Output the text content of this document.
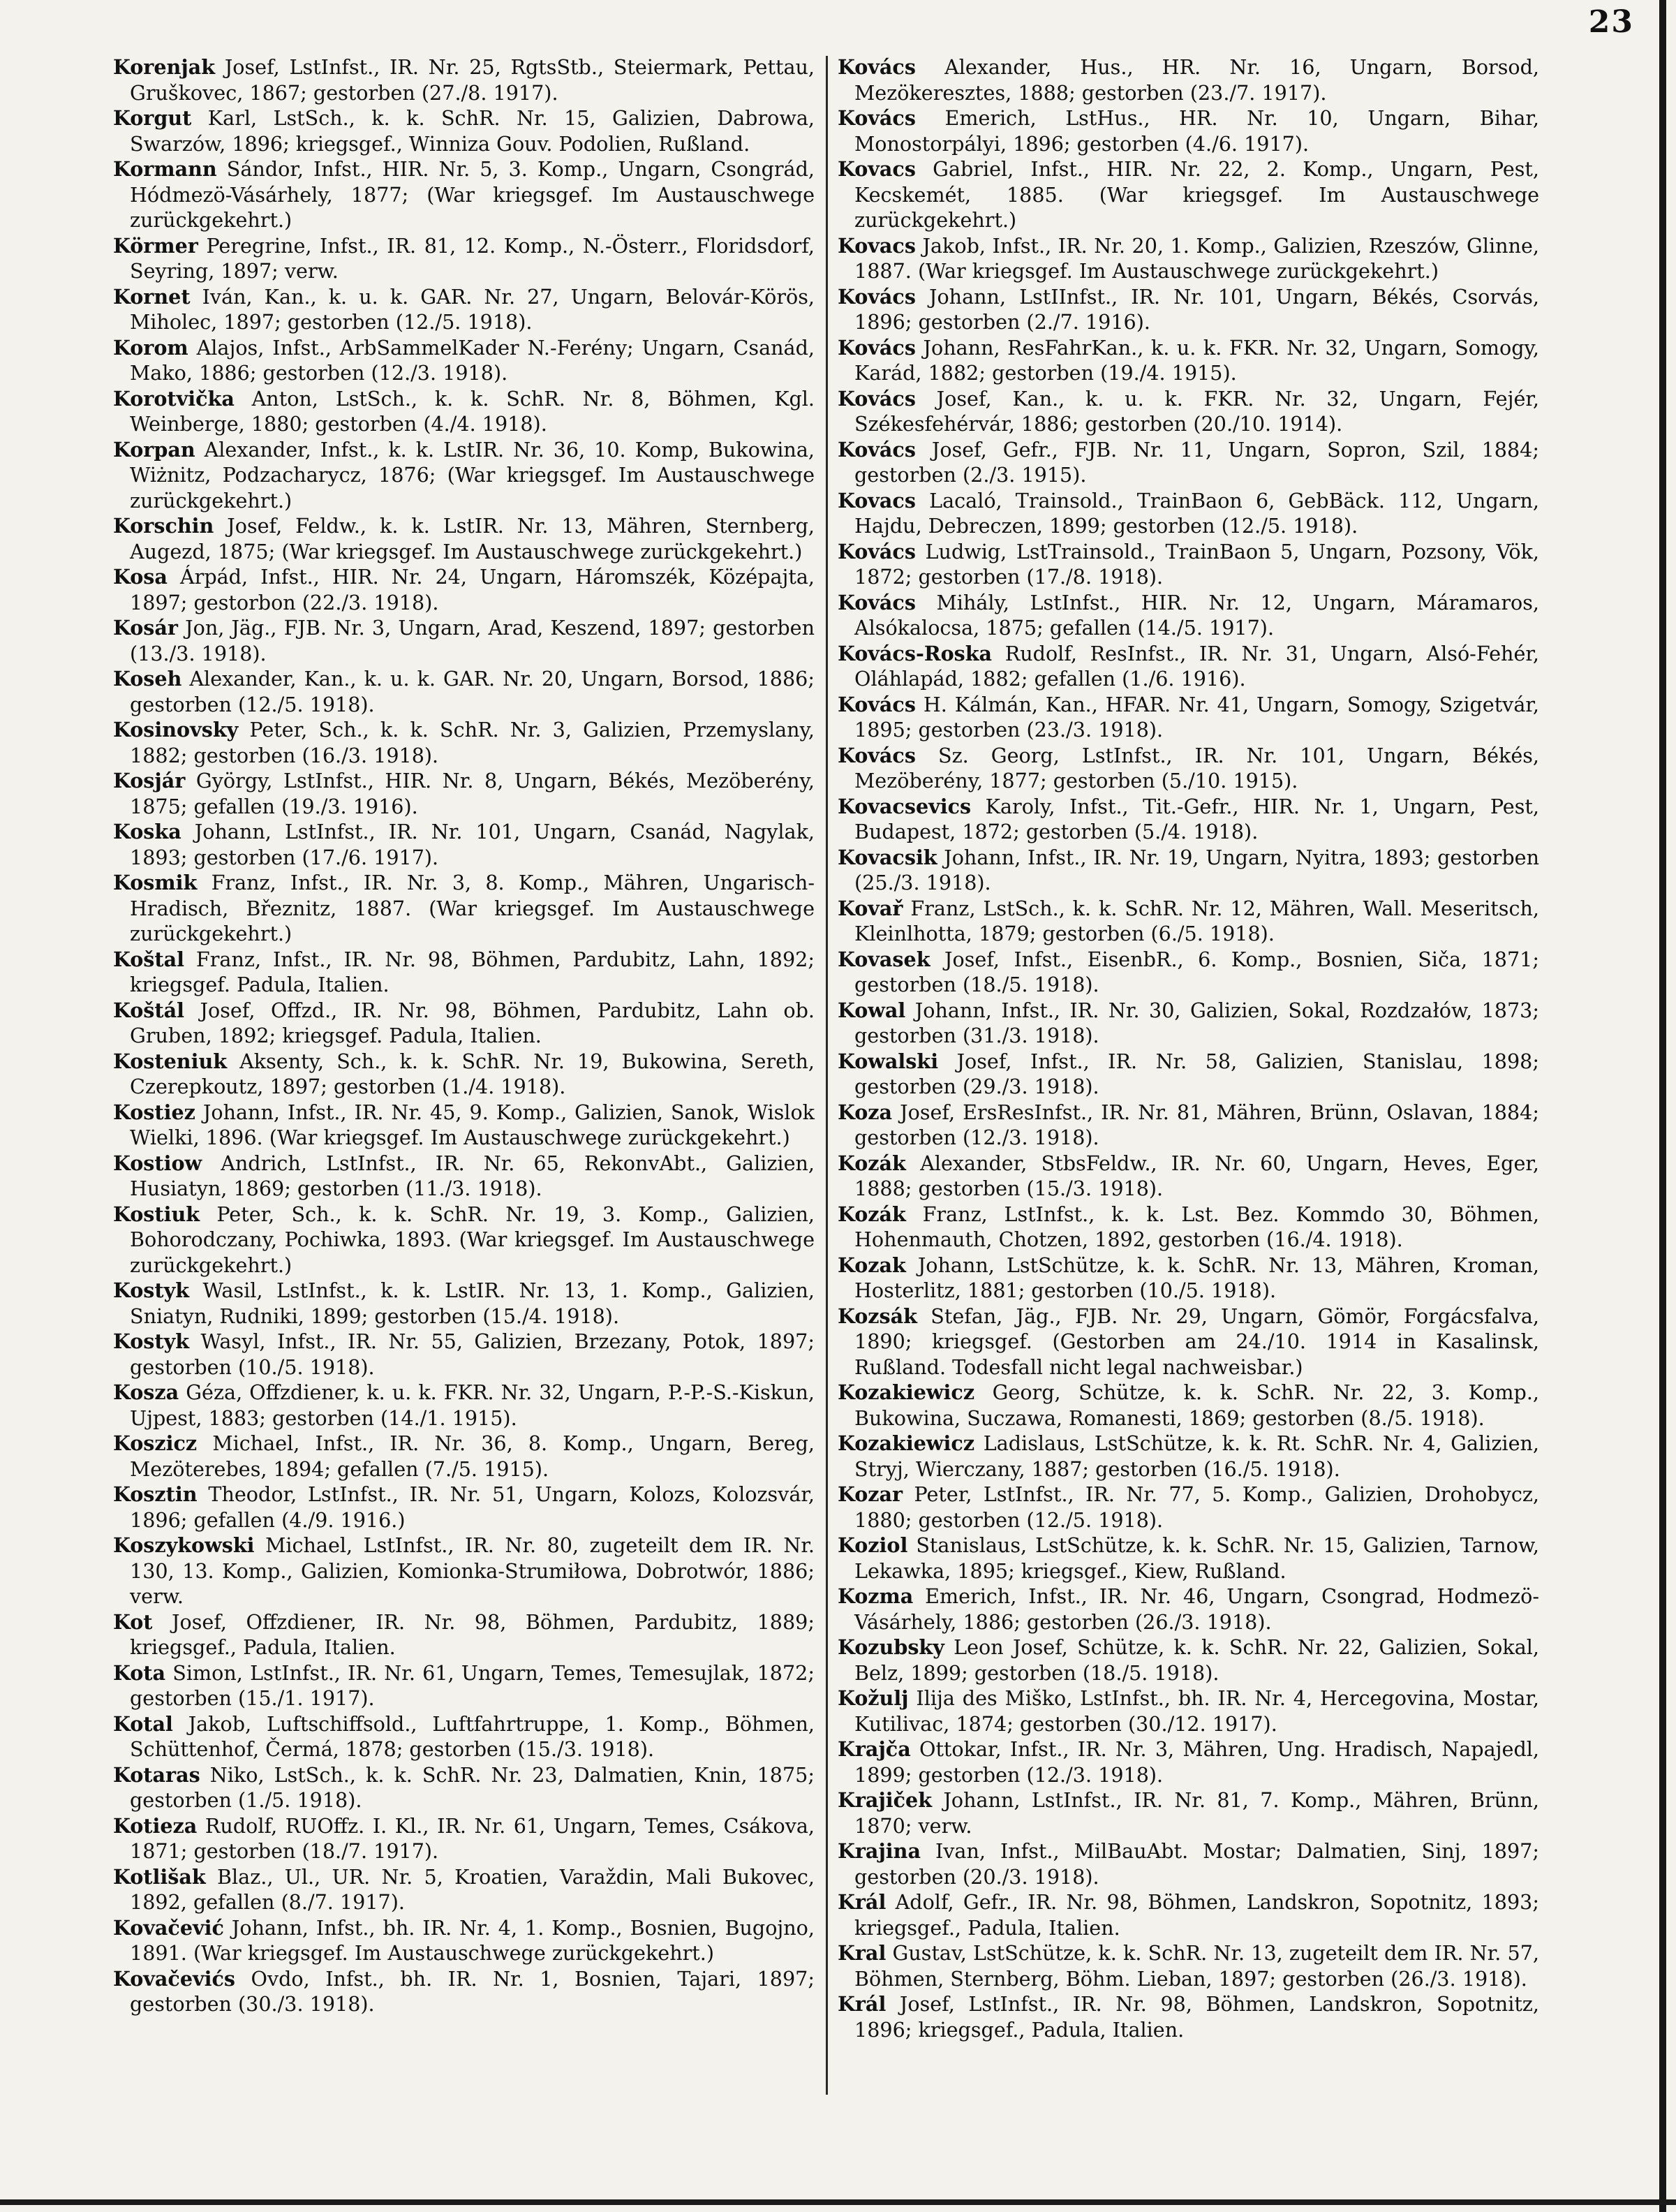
23

Korenjak Josef, LstInfst., IR. Nr. 25, RgtsStb., Steiermark, Pettau, Gruškovec, 1867; gestorben (27./8. 1917).

Korgut Karl, LstSch., k. k. SchR. Nr. 15, Galizien, Dabrowa, Swarzów, 1896; kriegsgef., Winniza Gouv. Podolien, Rußland.

Kormann Sándor, Infst., HIR. Nr. 5, 3. Komp., Ungarn, Csongrád, Hódmezö-Vásárhely, 1877; (War kriegsgef. Im Austauschwege zurückgekehrt.)

Körmer Peregrine, Infst., IR. 81, 12. Komp., N.-Österr., Floridsdorf, Seyring, 1897; verw.

Kornet Iván, Kan., k. u. k. GAR. Nr. 27, Ungarn, Belovár-Körös, Miholec, 1897; gestorben (12./5. 1918).

Korom Alajos, Infst., ArbSammelKader N.-Ferény; Ungarn, Csanád, Mako, 1886; gestorben (12./3. 1918).

Korotvička Anton, LstSch., k. k. SchR. Nr. 8, Böhmen, Kgl. Weinberge, 1880; gestorben (4./4. 1918).

Korpan Alexander, Infst., k. k. LstIR. Nr. 36, 10. Komp, Bukowina, Wiżnitz, Podzacharycz, 1876; (War kriegsgef. Im Austauschwege zurückgekehrt.)

Korschin Josef, Feldw., k. k. LstIR. Nr. 13, Mähren, Sternberg, Augezd, 1875; (War kriegsgef. Im Austauschwege zurückgekehrt.)

Kosa Árpád, Infst., HIR. Nr. 24, Ungarn, Háromszék, Középajta, 1897; gestorbon (22./3. 1918).

Kosár Jon, Jäg., FJB. Nr. 3, Ungarn, Arad, Keszend, 1897; gestorben (13./3. 1918).

Koseh Alexander, Kan., k. u. k. GAR. Nr. 20, Ungarn, Borsod, 1886; gestorben (12./5. 1918).

Kosinovsky Peter, Sch., k. k. SchR. Nr. 3, Galizien, Przemyslany, 1882; gestorben (16./3. 1918).

Kosjár György, LstInfst., HIR. Nr. 8, Ungarn, Békés, Mezöberény, 1875; gefallen (19./3. 1916).

Koska Johann, LstInfst., IR. Nr. 101, Ungarn, Csanád, Nagylak, 1893; gestorben (17./6. 1917).

Kosmik Franz, Infst., IR. Nr. 3, 8. Komp., Mähren, Ungarisch-Hradisch, Březnitz, 1887. (War kriegsgef. Im Austauschwege zurückgekehrt.)

Koštal Franz, Infst., IR. Nr. 98, Böhmen, Pardubitz, Lahn, 1892; kriegsgef. Padula, Italien.

Koštál Josef, Offzd., IR. Nr. 98, Böhmen, Pardubitz, Lahn ob. Gruben, 1892; kriegsgef. Padula, Italien.

Kosteniuk Aksenty, Sch., k. k. SchR. Nr. 19, Bukowina, Sereth, Czerepkoutz, 1897; gestorben (1./4. 1918).

Kostiez Johann, Infst., IR. Nr. 45, 9. Komp., Galizien, Sanok, Wislok Wielki, 1896. (War kriegsgef. Im Austauschwege zurückgekehrt.)

Kostiow Andrich, LstInfst., IR. Nr. 65, RekonvAbt., Galizien, Husiatyn, 1869; gestorben (11./3. 1918).

Kostiuk Peter, Sch., k. k. SchR. Nr. 19, 3. Komp., Galizien, Bohorodczany, Pochiwka, 1893. (War kriegsgef. Im Austauschwege zurückgekehrt.)

Kostyk Wasil, LstInfst., k. k. LstIR. Nr. 13, 1. Komp., Galizien, Sniatyn, Rudniki, 1899; gestorben (15./4. 1918).

Kostyk Wasyl, Infst., IR. Nr. 55, Galizien, Brzezany, Potok, 1897; gestorben (10./5. 1918).

Kosza Géza, Offzdiener, k. u. k. FKR. Nr. 32, Ungarn, P.-P.-S.-Kiskun, Ujpest, 1883; gestorben (14./1. 1915).

Koszicz Michael, Infst., IR. Nr. 36, 8. Komp., Ungarn, Bereg, Mezöterebes, 1894; gefallen (7./5. 1915).

Kosztin Theodor, LstInfst., IR. Nr. 51, Ungarn, Kolozs, Kolozsvár, 1896; gefallen (4./9. 1916.)

Koszykowski Michael, LstInfst., IR. Nr. 80, zugeteilt dem IR. Nr. 130, 13. Komp., Galizien, Komionka-Strumiłowa, Dobrotwór, 1886; verw.

Kot Josef, Offzdiener, IR. Nr. 98, Böhmen, Pardubitz, 1889; kriegsgef., Padula, Italien.

Kota Simon, LstInfst., IR. Nr. 61, Ungarn, Temes, Temesujlak, 1872; gestorben (15./1. 1917).

Kotal Jakob, Luftschiffsold., Luftfahrtruppe, 1. Komp., Böhmen, Schüttenhof, Čermá, 1878; gestorben (15./3. 1918).

Kotaras Niko, LstSch., k. k. SchR. Nr. 23, Dalmatien, Knin, 1875; gestorben (1./5. 1918).

Kotieza Rudolf, RUOffz. I. Kl., IR. Nr. 61, Ungarn, Temes, Csákova, 1871; gestorben (18./7. 1917).

Kotlišak Blaz., Ul., UR. Nr. 5, Kroatien, Varaždin, Mali Bukovec, 1892, gefallen (8./7. 1917).

Kovačević Johann, Infst., bh. IR. Nr. 4, 1. Komp., Bosnien, Bugojno, 1891. (War kriegsgef. Im Austauschwege zurückgekehrt.)

Kovačevićs Ovdo, Infst., bh. IR. Nr. 1, Bosnien, Tajari, 1897; gestorben (30./3. 1918).

Kovács Alexander, Hus., HR. Nr. 16, Ungarn, Borsod, Mezökeresztes, 1888; gestorben (23./7. 1917).

Kovács Emerich, LstHus., HR. Nr. 10, Ungarn, Bihar, Monostorpályi, 1896; gestorben (4./6. 1917).

Kovacs Gabriel, Infst., HIR. Nr. 22, 2. Komp., Ungarn, Pest, Kecskemét, 1885. (War kriegsgef. Im Austauschwege zurückgekehrt.)

Kovacs Jakob, Infst., IR. Nr. 20, 1. Komp., Galizien, Rzeszów, Glinne, 1887. (War kriegsgef. Im Austauschwege zurückgekehrt.)

Kovács Johann, LstIInfst., IR. Nr. 101, Ungarn, Békés, Csorvás, 1896; gestorben (2./7. 1916).

Kovács Johann, ResFahrKan., k. u. k. FKR. Nr. 32, Ungarn, Somogy, Karád, 1882; gestorben (19./4. 1915).

Kovács Josef, Kan., k. u. k. FKR. Nr. 32, Ungarn, Fejér, Székesfehérvár, 1886; gestorben (20./10. 1914).

Kovács Josef, Gefr., FJB. Nr. 11, Ungarn, Sopron, Szil, 1884; gestorben (2./3. 1915).

Kovacs Lacaló, Trainsold., TrainBaon 6, GebBäck. 112, Ungarn, Hajdu, Debreczen, 1899; gestorben (12./5. 1918).

Kovács Ludwig, LstTrainsold., TrainBaon 5, Ungarn, Pozsony, Vök, 1872; gestorben (17./8. 1918).

Kovács Mihály, LstInfst., HIR. Nr. 12, Ungarn, Máramaros, Alsókalocsa, 1875; gefallen (14./5. 1917).

Kovács-Roska Rudolf, ResInfst., IR. Nr. 31, Ungarn, Alsó-Fehér, Oláhlapád, 1882; gefallen (1./6. 1916).

Kovács H. Kálmán, Kan., HFAR. Nr. 41, Ungarn, Somogy, Szigetvár, 1895; gestorben (23./3. 1918).

Kovács Sz. Georg, LstInfst., IR. Nr. 101, Ungarn, Békés, Mezöberény, 1877; gestorben (5./10. 1915).

Kovacsevics Karoly, Infst., Tit.-Gefr., HIR. Nr. 1, Ungarn, Pest, Budapest, 1872; gestorben (5./4. 1918).

Kovacsik Johann, Infst., IR. Nr. 19, Ungarn, Nyitra, 1893; gestorben (25./3. 1918).

Kovař Franz, LstSch., k. k. SchR. Nr. 12, Mähren, Wall. Meseritsch, Kleinlhotta, 1879; gestorben (6./5. 1918).

Kovasek Josef, Infst., EisenbR., 6. Komp., Bosnien, Siča, 1871; gestorben (18./5. 1918).

Kowal Johann, Infst., IR. Nr. 30, Galizien, Sokal, Rozdzałów, 1873; gestorben (31./3. 1918).

Kowalski Josef, Infst., IR. Nr. 58, Galizien, Stanislau, 1898; gestorben (29./3. 1918).

Koza Josef, ErsResInfst., IR. Nr. 81, Mähren, Brünn, Oslavan, 1884; gestorben (12./3. 1918).

Kozák Alexander, StbsFeldw., IR. Nr. 60, Ungarn, Heves, Eger, 1888; gestorben (15./3. 1918).

Kozák Franz, LstInfst., k. k. Lst. Bez. Kommdo 30, Böhmen, Hohenmauth, Chotzen, 1892, gestorben (16./4. 1918).

Kozak Johann, LstSchütze, k. k. SchR. Nr. 13, Mähren, Kroman, Hosterlitz, 1881; gestorben (10./5. 1918).

Kozsák Stefan, Jäg., FJB. Nr. 29, Ungarn, Gömör, Forgácsfalva, 1890; kriegsgef. (Gestorben am 24./10. 1914 in Kasalinsk, Rußland. Todesfall nicht legal nachweisbar.)

Kozakiewicz Georg, Schütze, k. k. SchR. Nr. 22, 3. Komp., Bukowina, Suczawa, Romanesti, 1869; gestorben (8./5. 1918).

Kozakiewicz Ladislaus, LstSchütze, k. k. Rt. SchR. Nr. 4, Galizien, Stryj, Wierczany, 1887; gestorben (16./5. 1918).

Kozar Peter, LstInfst., IR. Nr. 77, 5. Komp., Galizien, Drohobycz, 1880; gestorben (12./5. 1918).

Koziol Stanislaus, LstSchütze, k. k. SchR. Nr. 15, Galizien, Tarnow, Lekawka, 1895; kriegsgef., Kiew, Rußland.

Kozma Emerich, Infst., IR. Nr. 46, Ungarn, Csongrad, Hodmezö-Vásárhely, 1886; gestorben (26./3. 1918).

Kozubsky Leon Josef, Schütze, k. k. SchR. Nr. 22, Galizien, Sokal, Belz, 1899; gestorben (18./5. 1918).

Kožulj Ilija des Miško, LstInfst., bh. IR. Nr. 4, Hercegovina, Mostar, Kutilivac, 1874; gestorben (30./12. 1917).

Krajča Ottokar, Infst., IR. Nr. 3, Mähren, Ung. Hradisch, Napajedl, 1899; gestorben (12./3. 1918).

Krajiček Johann, LstInfst., IR. Nr. 81, 7. Komp., Mähren, Brünn, 1870; verw.

Krajina Ivan, Infst., MilBauAbt. Mostar; Dalmatien, Sinj, 1897; gestorben (20./3. 1918).

Král Adolf, Gefr., IR. Nr. 98, Böhmen, Landskron, Sopotnitz, 1893; kriegsgef., Padula, Italien.

Kral Gustav, LstSchütze, k. k. SchR. Nr. 13, zugeteilt dem IR. Nr. 57, Böhmen, Sternberg, Böhm. Lieban, 1897; gestorben (26./3. 1918).

Král Josef, LstInfst., IR. Nr. 98, Böhmen, Landskron, Sopotnitz, 1896; kriegsgef., Padula, Italien.
